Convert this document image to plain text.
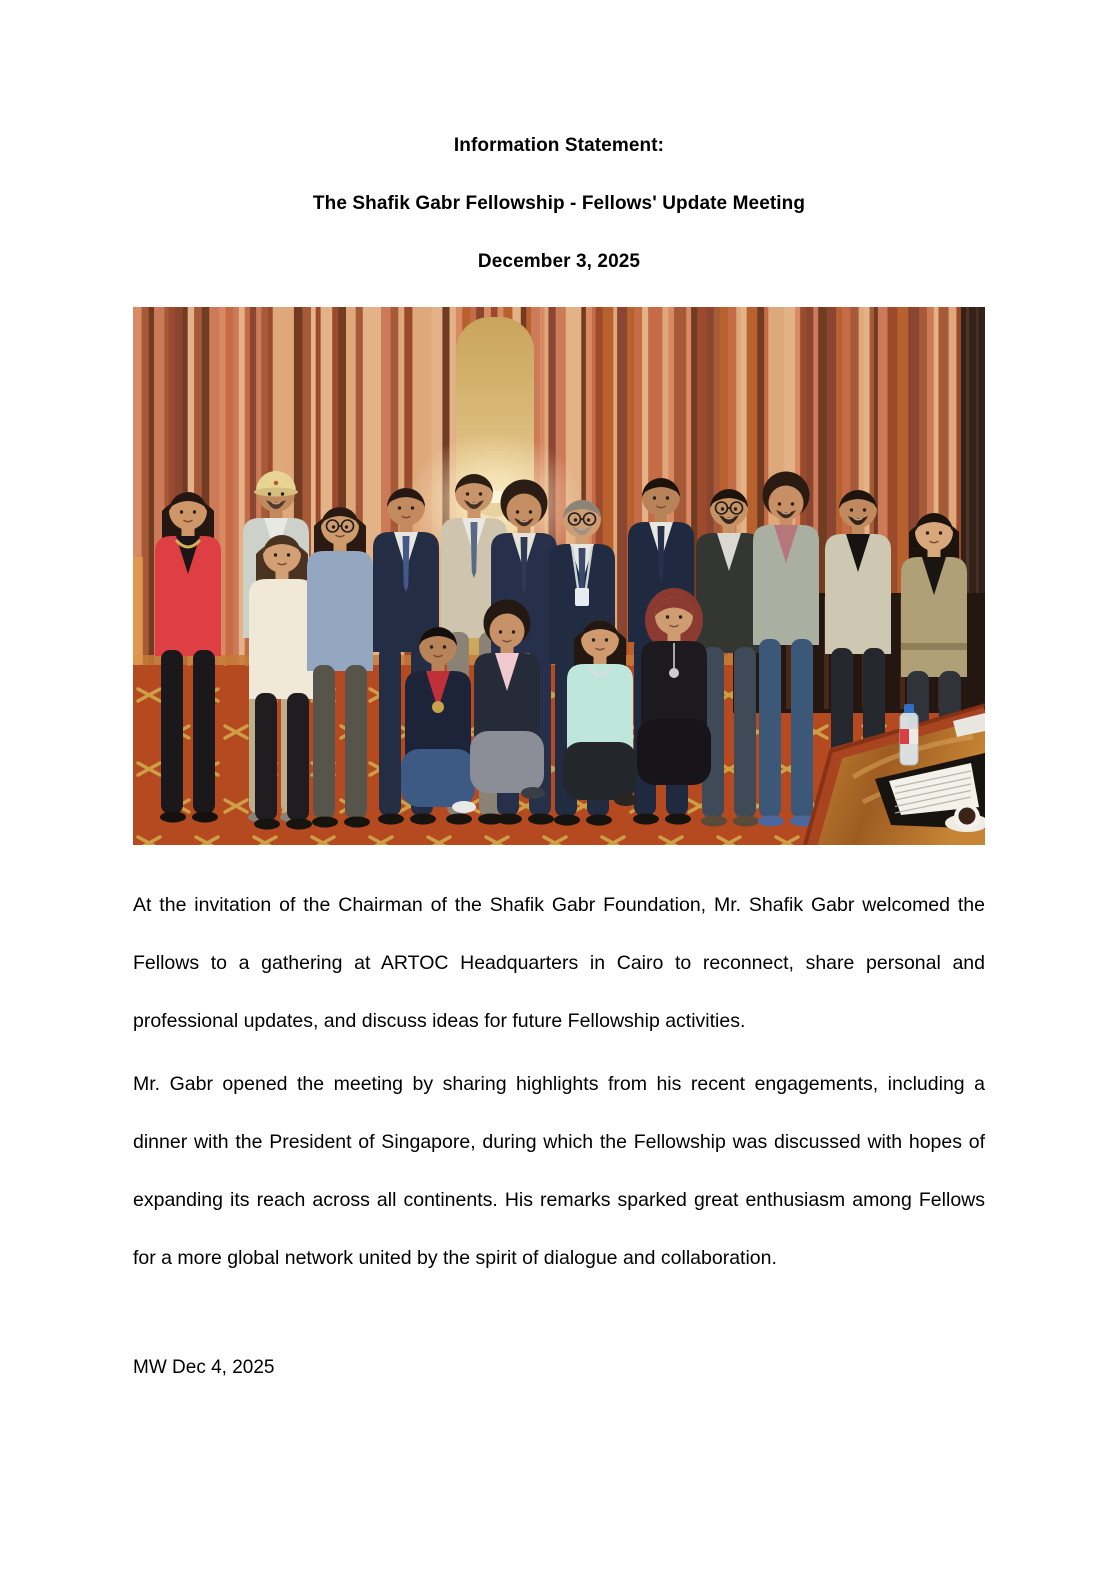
Information Statement:
The Shafik Gabr Fellowship - Fellows' Update Meeting
December 3, 2025

At the invitation of the Chairman of the Shafik Gabr Foundation, Mr. Shafik Gabr welcomed the Fellows to a gathering at ARTOC Headquarters in Cairo to reconnect, share personal and professional updates, and discuss ideas for future Fellowship activities.

Mr. Gabr opened the meeting by sharing highlights from his recent engagements, including a dinner with the President of Singapore, during which the Fellowship was discussed with hopes of expanding its reach across all continents. His remarks sparked great enthusiasm among Fellows for a more global network united by the spirit of dialogue and collaboration.

MW Dec 4, 2025
